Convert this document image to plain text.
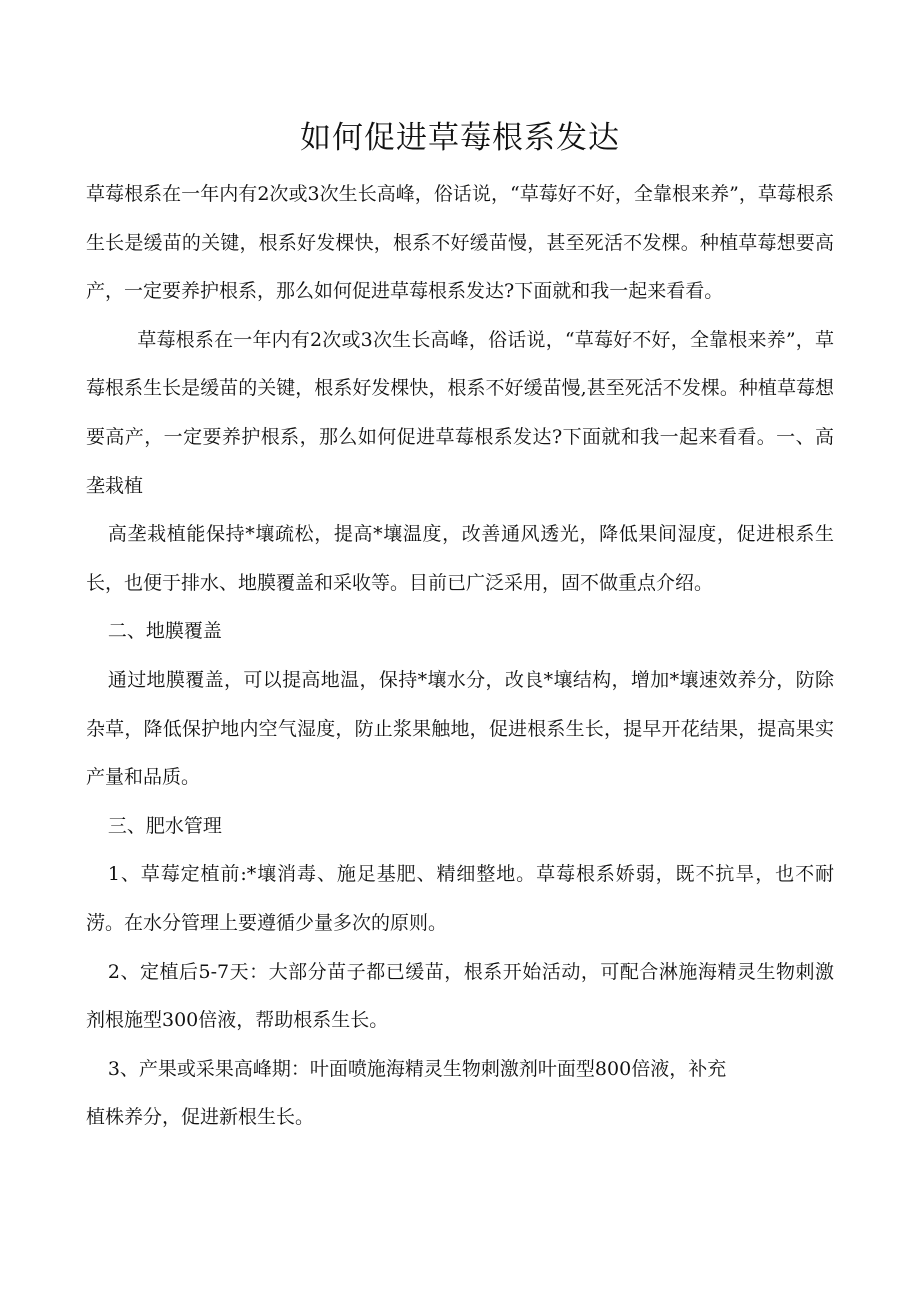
如何促进草莓根系发达

草莓根系在一年内有2次或3次生长高峰，俗话说，“草莓好不好，全靠根来养”，草莓根系生长是缓苗的关键，根系好发棵快，根系不好缓苗慢，甚至死活不发棵。种植草莓想要高产，一定要养护根系，那么如何促进草莓根系发达?下面就和我一起来看看。

草莓根系在一年内有2次或3次生长高峰，俗话说，“草莓好不好，全靠根来养”，草莓根系生长是缓苗的关键，根系好发棵快，根系不好缓苗慢,甚至死活不发棵。种植草莓想要高产，一定要养护根系，那么如何促进草莓根系发达?下面就和我一起来看看。一、高垄栽植

高垄栽植能保持*壤疏松，提高*壤温度，改善通风透光，降低果间湿度，促进根系生长，也便于排水、地膜覆盖和采收等。目前已广泛采用，固不做重点介绍。

二、地膜覆盖

通过地膜覆盖，可以提高地温，保持*壤水分，改良*壤结构，增加*壤速效养分，防除杂草，降低保护地内空气湿度，防止浆果触地，促进根系生长，提早开花结果，提高果实产量和品质。

三、肥水管理

1、草莓定植前:*壤消毒、施足基肥、精细整地。草莓根系娇弱，既不抗旱，也不耐涝。在水分管理上要遵循少量多次的原则。

2、定植后5-7天：大部分苗子都已缓苗，根系开始活动，可配合淋施海精灵生物刺激剂根施型300倍液，帮助根系生长。

3、产果或采果高峰期：叶面喷施海精灵生物刺激剂叶面型800倍液，补充
植株养分，促进新根生长。
